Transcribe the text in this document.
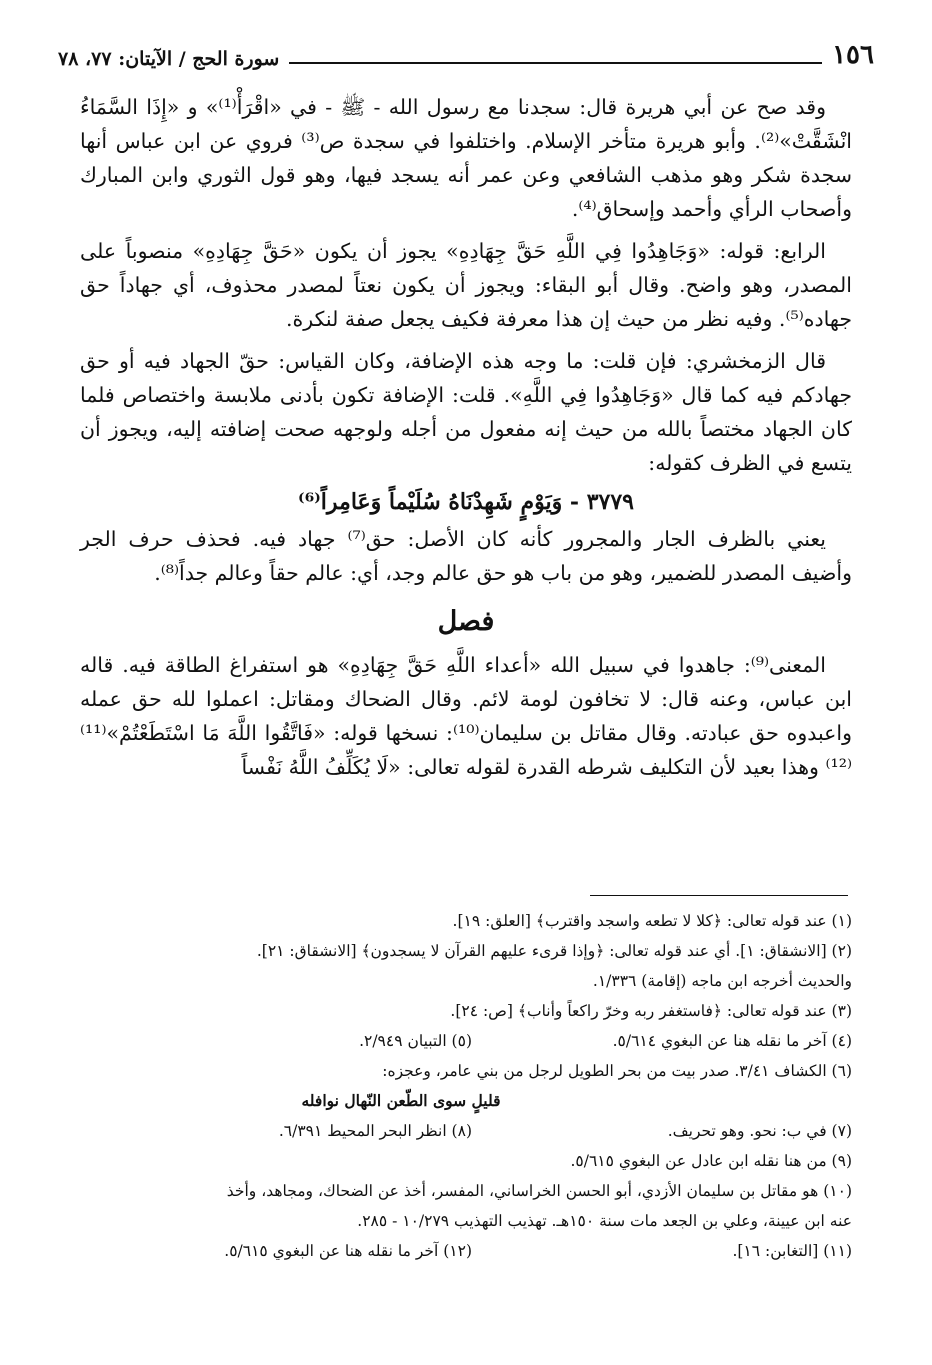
١٥٦
سورة الحج / الآيتان: ٧٧، ٧٨

وقد صح عن أبي هريرة قال: سجدنا مع رسول الله - ﷺ - في «اقْرَأْ⁽¹⁾» و «إِذَا السَّمَاءُ انْشَقَّتْ»⁽²⁾. وأبو هريرة متأخر الإسلام. واختلفوا في سجدة ص⁽³⁾ فروي عن ابن عباس أنها سجدة شكر وهو مذهب الشافعي وعن عمر أنه يسجد فيها، وهو قول الثوري وابن المبارك وأصحاب الرأي وأحمد وإسحاق⁽⁴⁾.

الرابع: قوله: «وَجَاهِدُوا فِي اللَّهِ حَقَّ جِهَادِهِ» يجوز أن يكون «حَقَّ جِهَادِهِ» منصوباً على المصدر، وهو واضح. وقال أبو البقاء: ويجوز أن يكون نعتاً لمصدر محذوف، أي جهاداً حق جهاده⁽⁵⁾. وفيه نظر من حيث إن هذا معرفة فكيف يجعل صفة لنكرة.

قال الزمخشري: فإن قلت: ما وجه هذه الإضافة، وكان القياس: حقّ الجهاد فيه أو حق جهادكم فيه كما قال «وَجَاهِدُوا فِي اللَّهِ». قلت: الإضافة تكون بأدنى ملابسة واختصاص فلما كان الجهاد مختصاً بالله من حيث إنه مفعول من أجله ولوجهه صحت إضافته إليه، ويجوز أن يتسع في الظرف كقوله:

٣٧٧٩ - وَيَوْمٍ شَهِدْنَاهُ سُلَيْماً وَعَامِراً⁽⁶⁾

يعني بالظرف الجار والمجرور كأنه كان الأصل: حق⁽⁷⁾ جهاد فيه. فحذف حرف الجر وأضيف المصدر للضمير، وهو من باب هو حق عالم وجد، أي: عالم حقاً وعالم جداً⁽⁸⁾.

فصل

المعنى⁽⁹⁾: جاهدوا في سبيل الله «أعداء اللَّهِ حَقَّ جِهَادِهِ» هو استفراغ الطاقة فيه. قاله ابن عباس، وعنه قال: لا تخافون لومة لائم. وقال الضحاك ومقاتل: اعملوا لله حق عمله واعبدوه حق عبادته. وقال مقاتل بن سليمان⁽¹⁰⁾: نسخها قوله: «فَاتَّقُوا اللَّهَ مَا اسْتَطَعْتُمْ»⁽¹¹⁾⁽¹²⁾ وهذا بعيد لأن التكليف شرطه القدرة لقوله تعالى: «لَا يُكَلِّفُ اللَّهُ نَفْساً

(١) عند قوله تعالى: ﴿كلا لا تطعه واسجد واقترب﴾ [العلق: ١٩].
(٢) [الانشقاق: ١]. أي عند قوله تعالى: ﴿وإذا قرىء عليهم القرآن لا يسجدون﴾ [الانشقاق: ٢١].
والحديث أخرجه ابن ماجه (إقامة) ١/٣٣٦.
(٣) عند قوله تعالى: ﴿فاستغفر ربه وخرّ راكعاً وأناب﴾ [ص: ٢٤].
(٤) آخر ما نقله هنا عن البغوي ٥/٦١٤.
(٥) التبيان ٢/٩٤٩.
(٦) الكشاف ٣/٤١. صدر بيت من بحر الطويل لرجل من بني عامر، وعجزه:
قليلٍ سوى الطّعن النّهال نوافله
(٧) في ب: نحو. وهو تحريف.
(٨) انظر البحر المحيط ٦/٣٩١.
(٩) من هنا نقله ابن عادل عن البغوي ٥/٦١٥.
(١٠) هو مقاتل بن سليمان الأزدي، أبو الحسن الخراساني، المفسر، أخذ عن الضحاك، ومجاهد، وأخذ
عنه ابن عيينة، وعلي بن الجعد مات سنة ١٥٠هـ. تهذيب التهذيب ١٠/٢٧٩ - ٢٨٥.
(١١) [التغابن: ١٦].
(١٢) آخر ما نقله هنا عن البغوي ٥/٦١٥.
